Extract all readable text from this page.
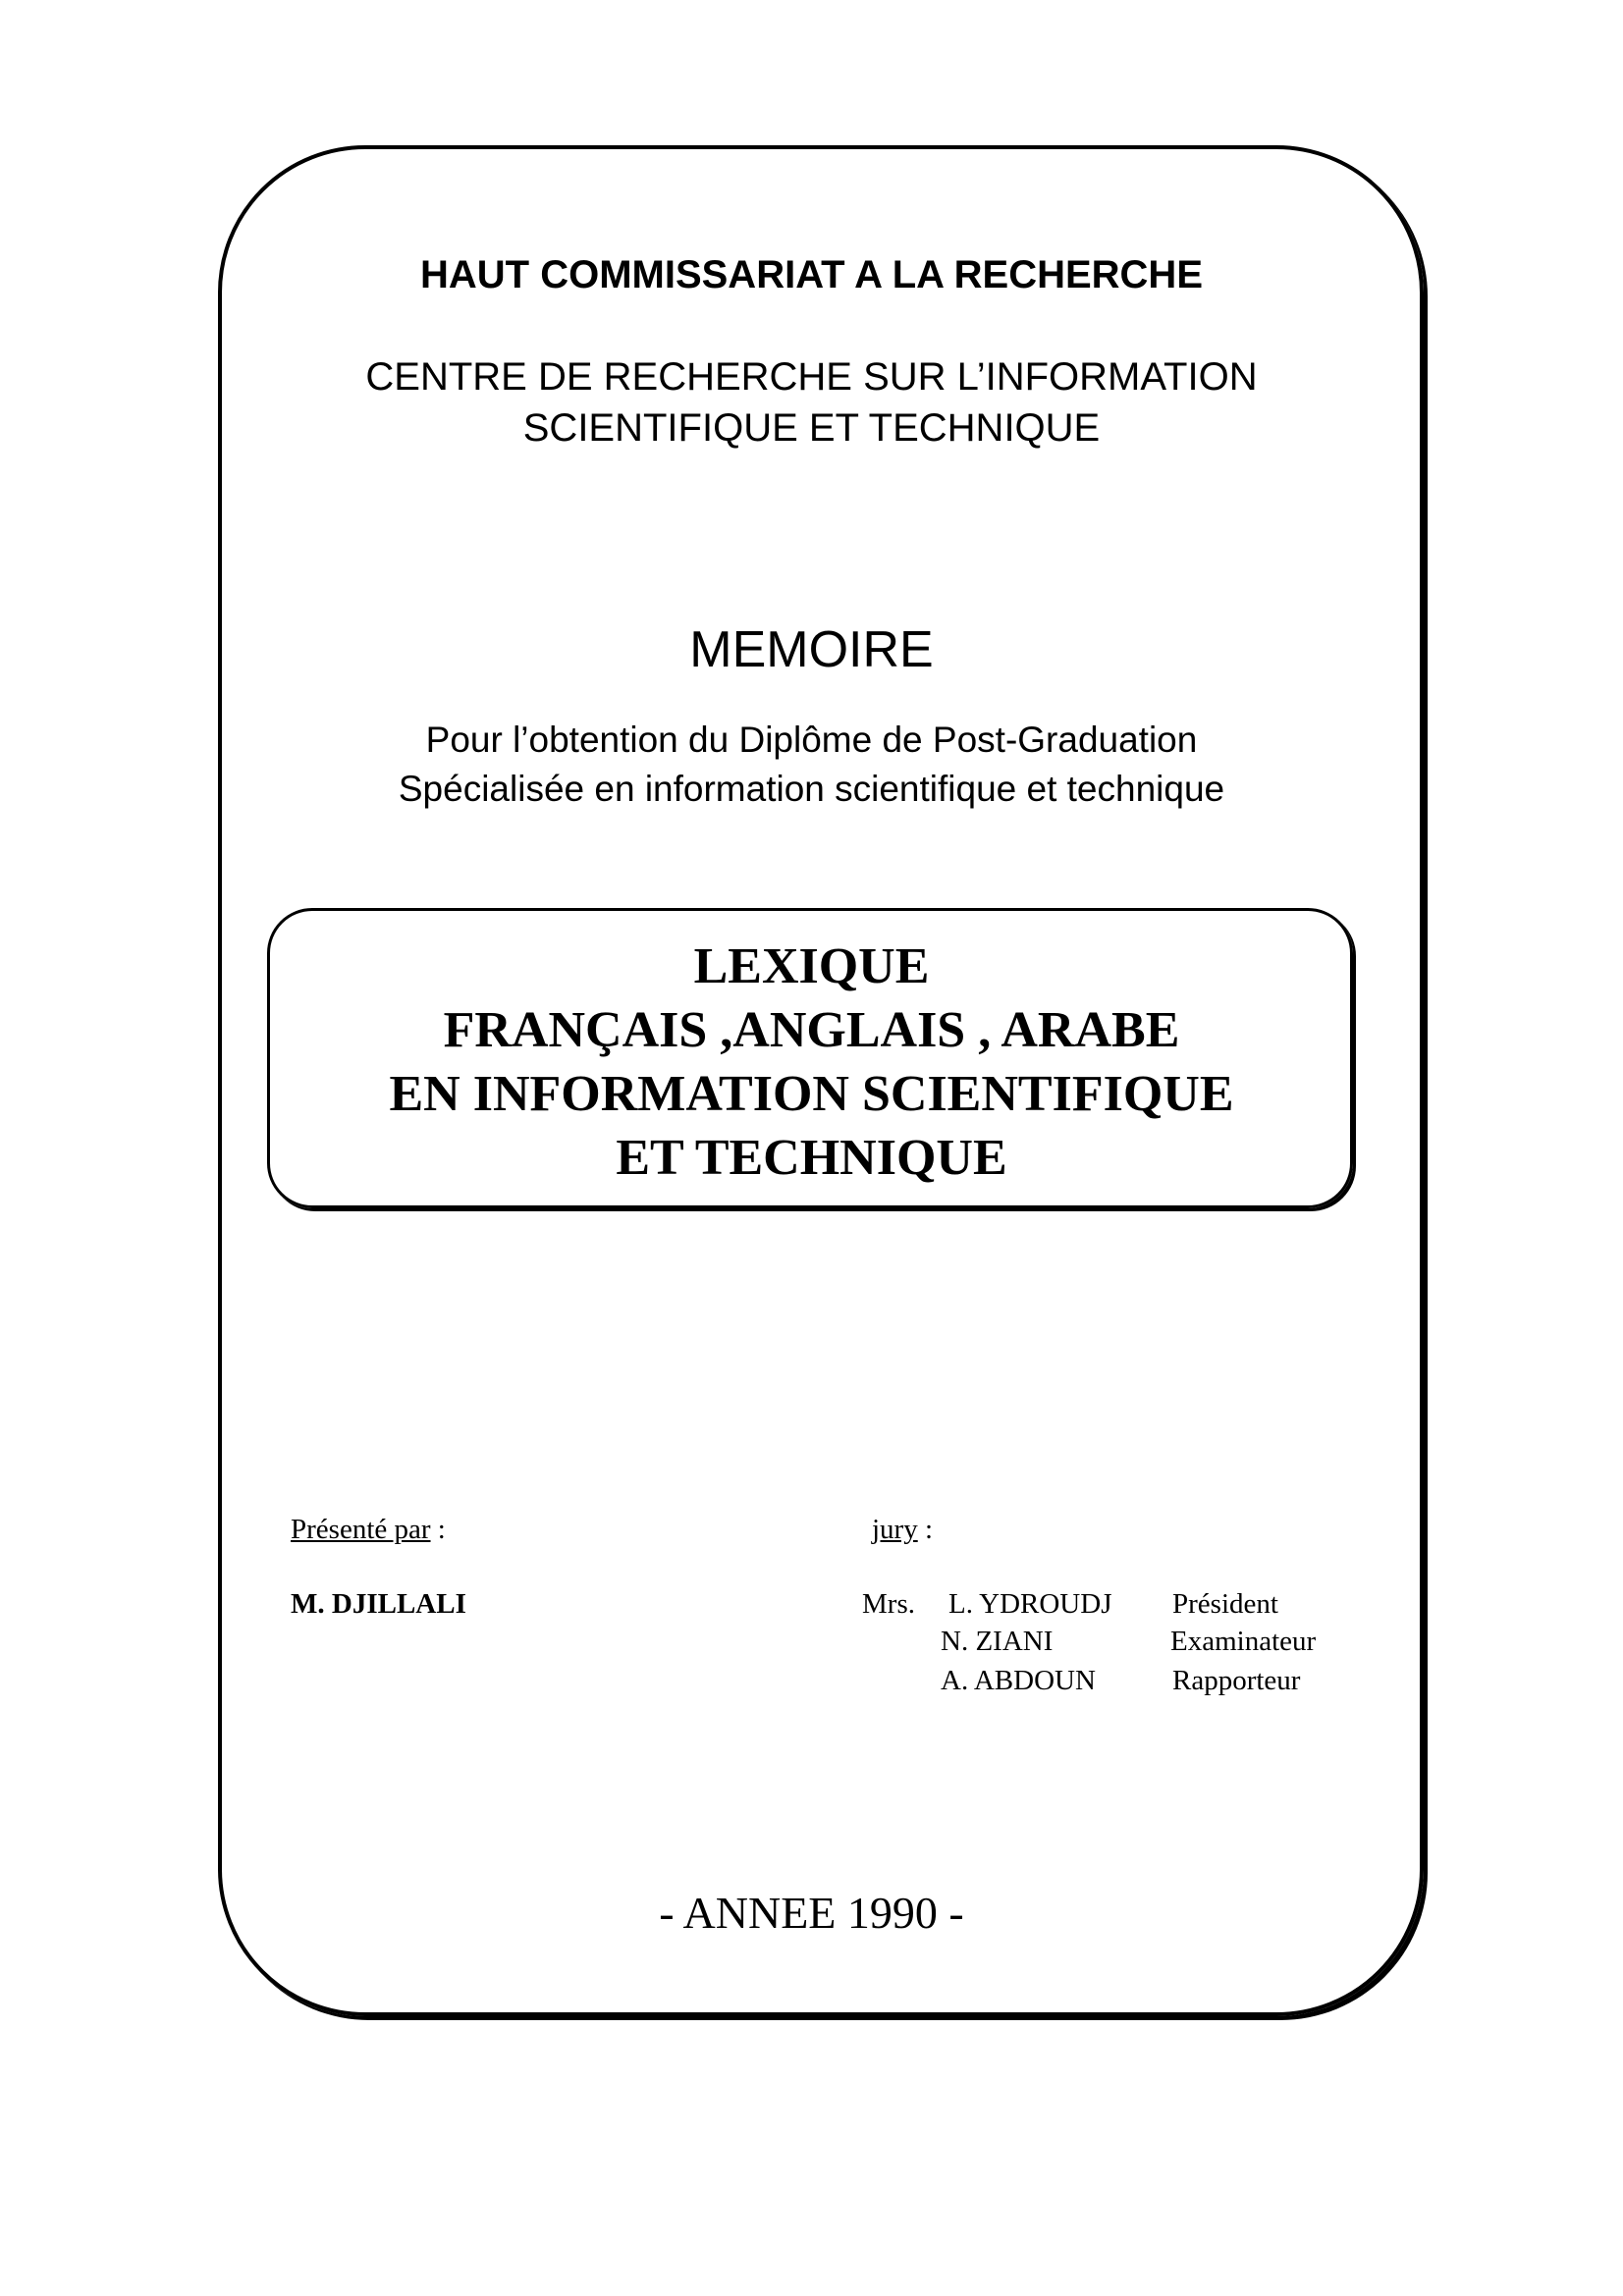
HAUT COMMISSARIAT A LA RECHERCHE
CENTRE DE RECHERCHE SUR L’INFORMATION
SCIENTIFIQUE ET TECHNIQUE
MEMOIRE
Pour l’obtention du Diplôme de Post-Graduation
Spécialisée en information scientifique et technique
LEXIQUE
FRANÇAIS ,ANGLAIS , ARABE
EN INFORMATION SCIENTIFIQUE
ET TECHNIQUE
Présenté par :
M. DJILLALI
jury :
Mrs. L. YDROUDJ Président
N. ZIANI	Examinateur
A. ABDOUN	Rapporteur
- ANNEE 1990 -
